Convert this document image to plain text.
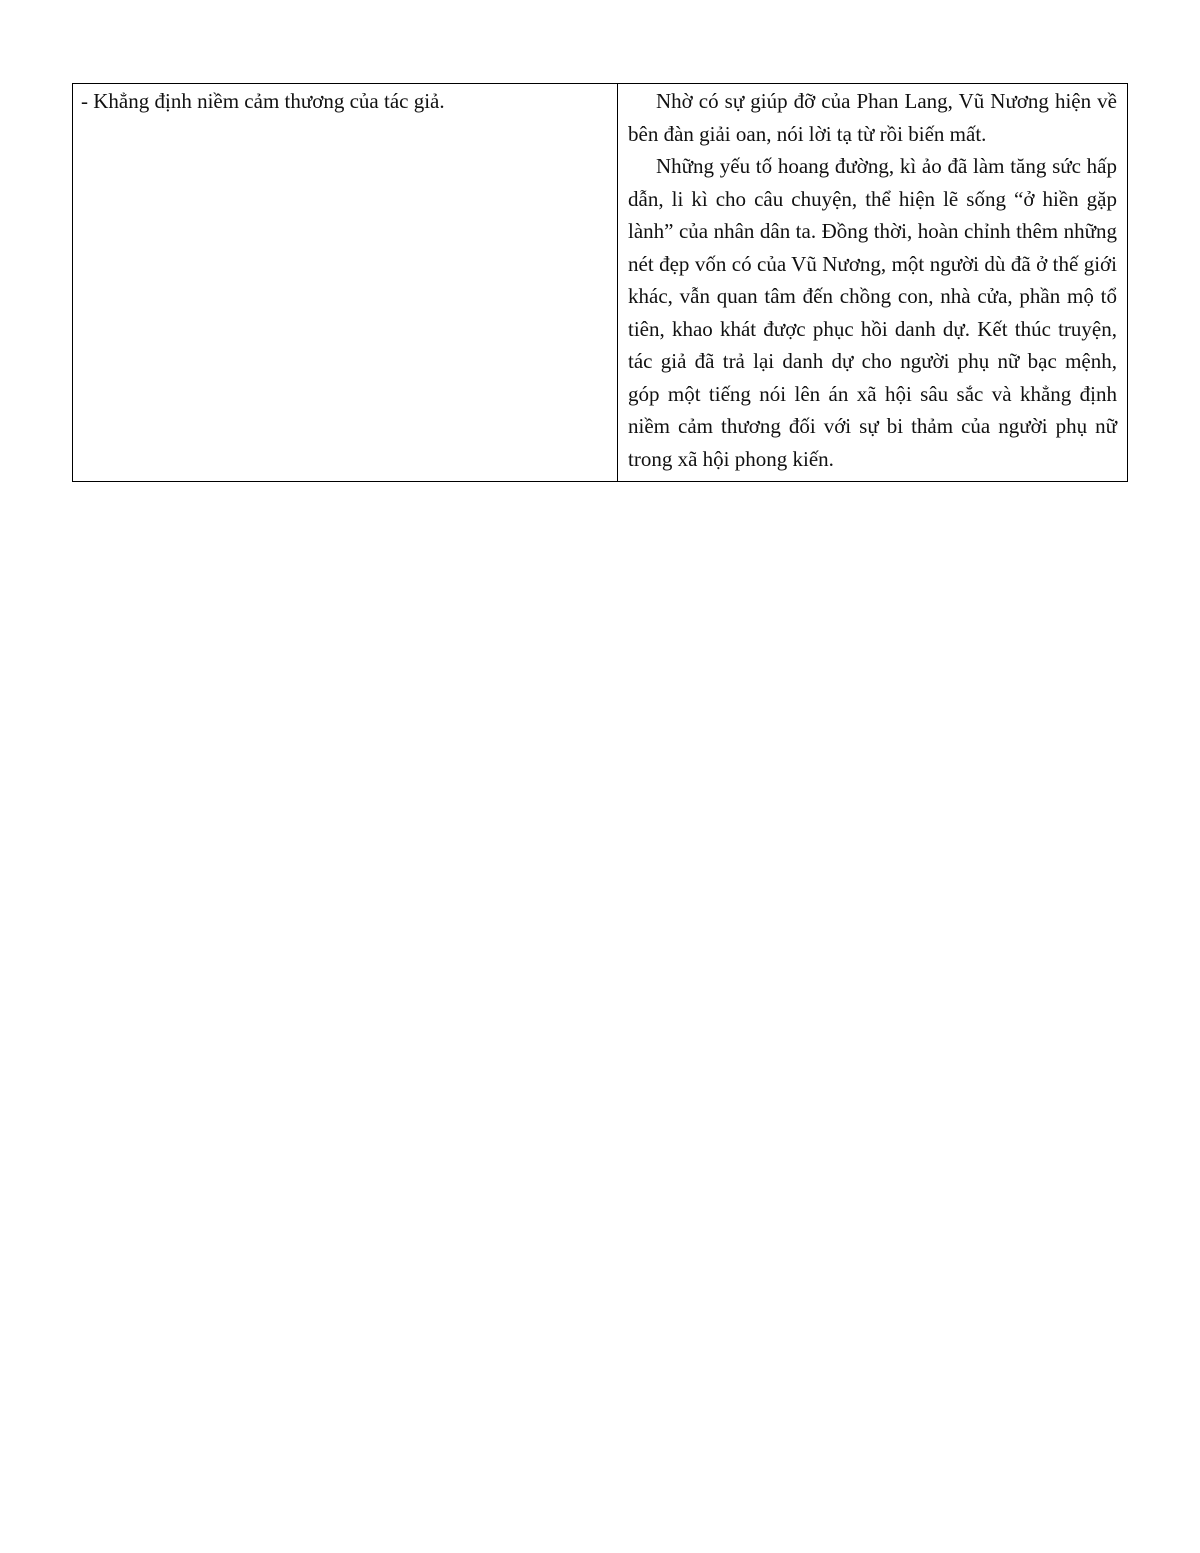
- Khẳng định niềm cảm thương của tác giả.	Nhờ có sự giúp đỡ của Phan Lang, Vũ Nương hiện về bên đàn giải oan, nói lời tạ từ rồi biến mất.

Những yếu tố hoang đường, kì ảo đã làm tăng sức hấp dẫn, li kì cho câu chuyện, thể hiện lẽ sống “ở hiền gặp lành” của nhân dân ta. Đồng thời, hoàn chỉnh thêm những nét đẹp vốn có của Vũ Nương, một người dù đã ở thế giới khác, vẫn quan tâm đến chồng con, nhà cửa, phần mộ tổ tiên, khao khát được phục hồi danh dự. Kết thúc truyện, tác giả đã trả lại danh dự cho người phụ nữ bạc mệnh, góp một tiếng nói lên án xã hội sâu sắc và khẳng định niềm cảm thương đối với sự bi thảm của người phụ nữ trong xã hội phong kiến.
